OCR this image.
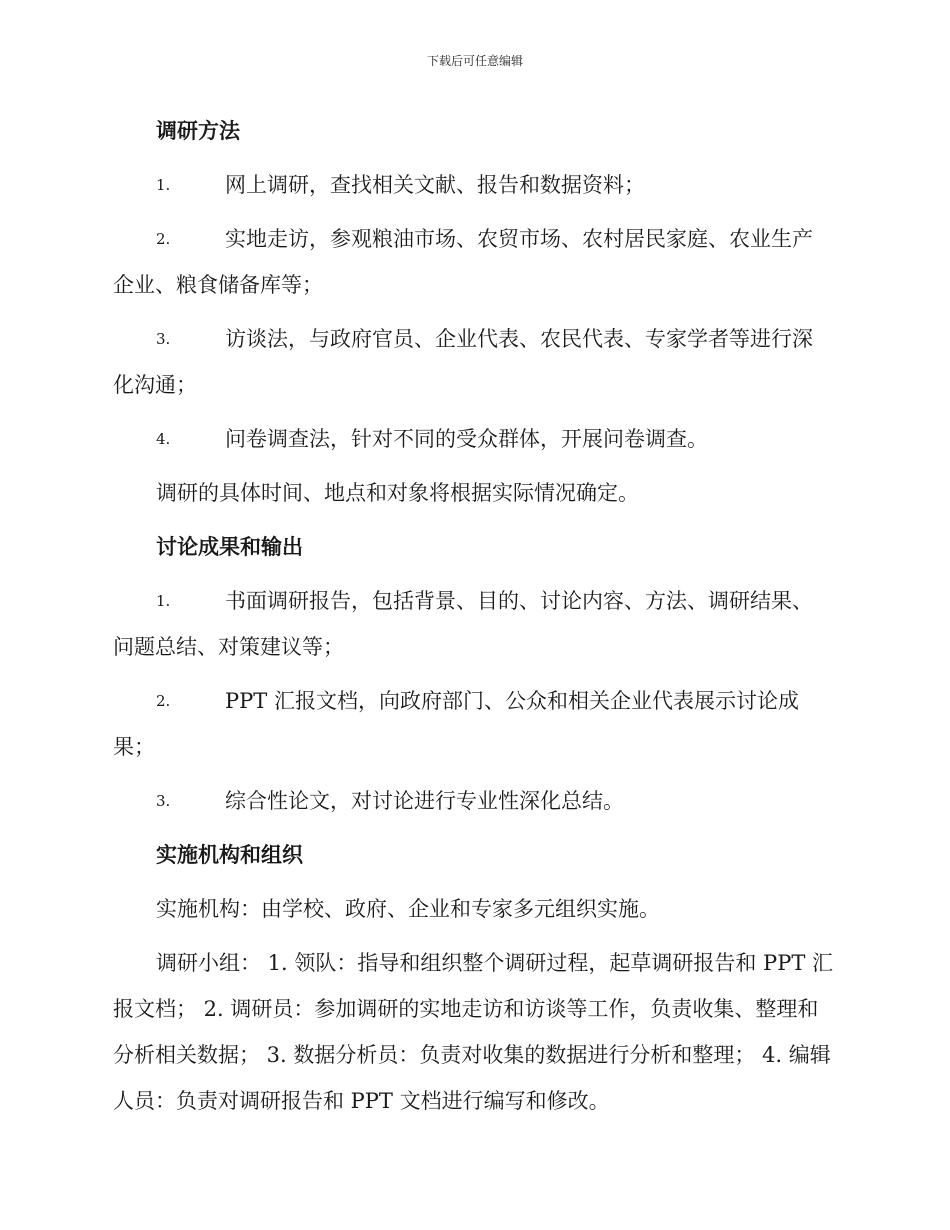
下载后可任意编辑
调研方法
1.	网上调研，查找相关文献、报告和数据资料；
2.	实地走访，参观粮油市场、农贸市场、农村居民家庭、农业生产
企业、粮食储备库等；
3.	访谈法，与政府官员、企业代表、农民代表、专家学者等进行深
化沟通；
4.	问卷调查法，针对不同的受众群体，开展问卷调查。
调研的具体时间、地点和对象将根据实际情况确定。
讨论成果和输出
1.	书面调研报告，包括背景、目的、讨论内容、方法、调研结果、
问题总结、对策建议等；
2.	PPT 汇报文档，向政府部门、公众和相关企业代表展示讨论成
果；
3.	综合性论文，对讨论进行专业性深化总结。
实施机构和组织
实施机构：由学校、政府、企业和专家多元组织实施。
调研小组： 1. 领队：指导和组织整个调研过程，起草调研报告和 PPT 汇
报文档； 2. 调研员：参加调研的实地走访和访谈等工作，负责收集、整理和
分析相关数据； 3. 数据分析员：负责对收集的数据进行分析和整理； 4. 编辑
人员：负责对调研报告和 PPT 文档进行编写和修改。
